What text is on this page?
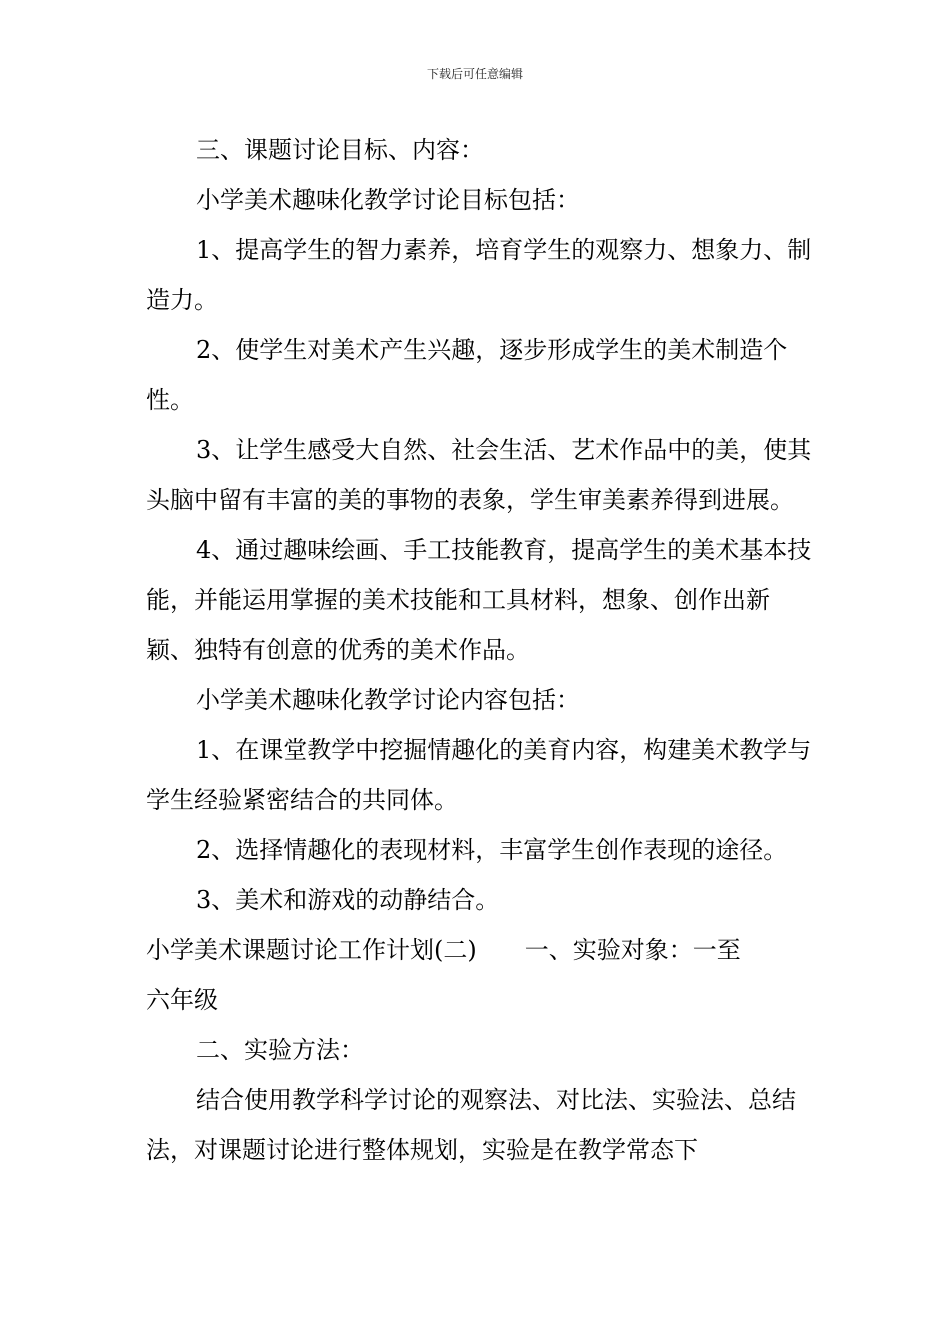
下载后可任意编辑

三、课题讨论目标、内容：

小学美术趣味化教学讨论目标包括：

1、提高学生的智力素养，培育学生的观察力、想象力、制造力。

2、使学生对美术产生兴趣，逐步形成学生的美术制造个性。

3、让学生感受大自然、社会生活、艺术作品中的美，使其头脑中留有丰富的美的事物的表象，学生审美素养得到进展。

4、通过趣味绘画、手工技能教育，提高学生的美术基本技能，并能运用掌握的美术技能和工具材料，想象、创作出新颖、独特有创意的优秀的美术作品。

小学美术趣味化教学讨论内容包括：

1、在课堂教学中挖掘情趣化的美育内容，构建美术教学与学生经验紧密结合的共同体。

2、选择情趣化的表现材料，丰富学生创作表现的途径。

3、美术和游戏的动静结合。

小学美术课题讨论工作计划(二) 一、实验对象：一至

六年级

二、实验方法：

结合使用教学科学讨论的观察法、对比法、实验法、总结法，对课题讨论进行整体规划，实验是在教学常态下
